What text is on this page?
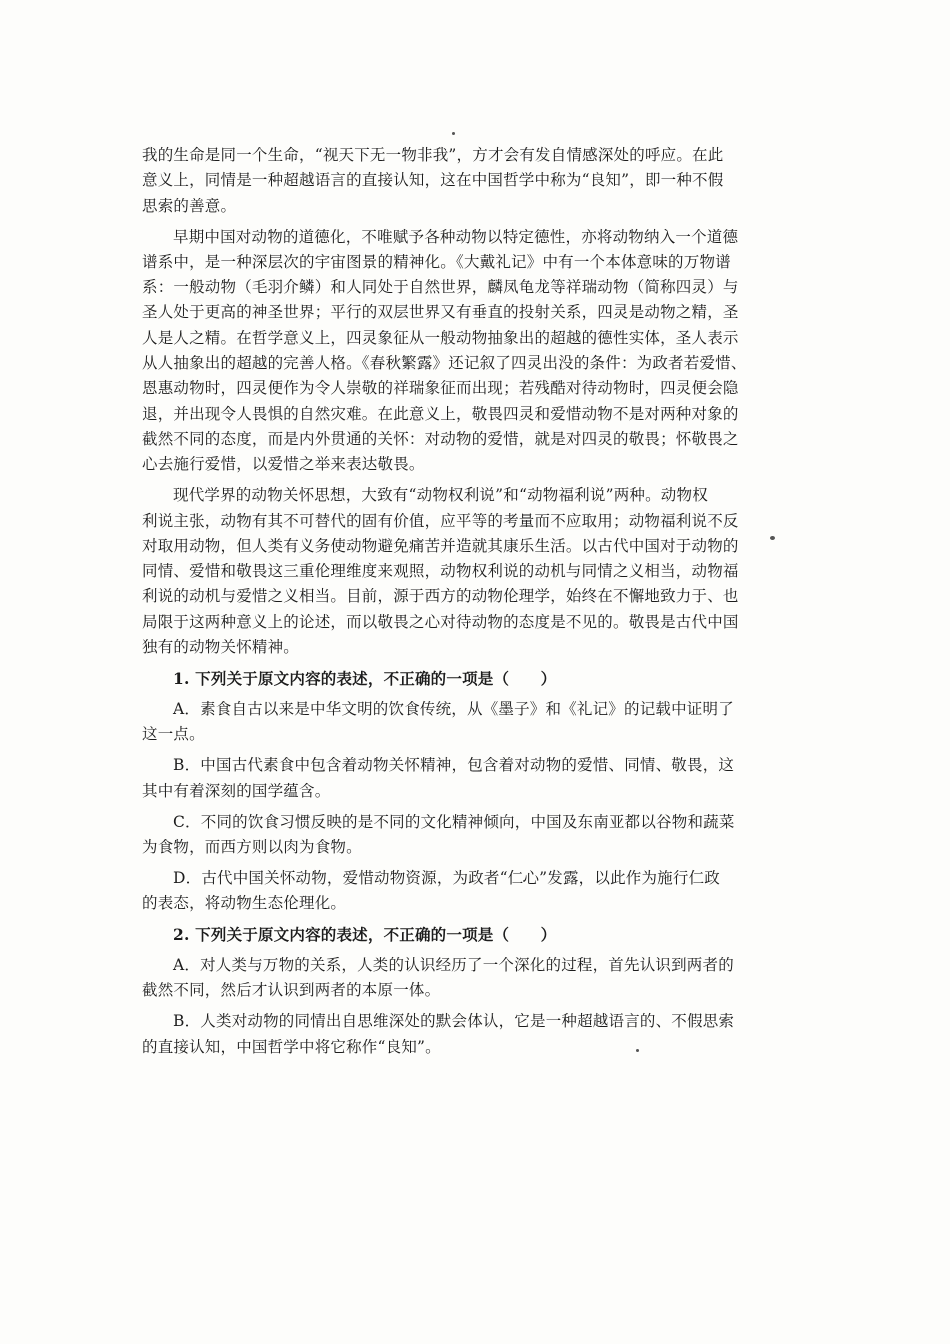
我的生命是同一个生命，“视天下无一物非我”，方才会有发自情感深处的呼应。在此
意义上，同情是一种超越语言的直接认知，这在中国哲学中称为“良知”，即一种不假
思索的善意。
早期中国对动物的道德化，不唯赋予各种动物以特定德性，亦将动物纳入一个道德
谱系中，是一种深层次的宇宙图景的精神化。《大戴礼记》中有一个本体意味的万物谱
系：一般动物（毛羽介鳞）和人同处于自然世界，麟凤龟龙等祥瑞动物（简称四灵）与
圣人处于更高的神圣世界；平行的双层世界又有垂直的投射关系，四灵是动物之精，圣
人是人之精。在哲学意义上，四灵象征从一般动物抽象出的超越的德性实体，圣人表示
从人抽象出的超越的完善人格。《春秋繁露》还记叙了四灵出没的条件：为政者若爱惜、
恩惠动物时，四灵便作为令人崇敬的祥瑞象征而出现；若残酷对待动物时，四灵便会隐
退，并出现令人畏惧的自然灾难。在此意义上，敬畏四灵和爱惜动物不是对两种对象的
截然不同的态度，而是内外贯通的关怀：对动物的爱惜，就是对四灵的敬畏；怀敬畏之
心去施行爱惜，以爱惜之举来表达敬畏。
现代学界的动物关怀思想，大致有“动物权利说”和“动物福利说”两种。动物权
利说主张，动物有其不可替代的固有价值，应平等的考量而不应取用；动物福利说不反
对取用动物，但人类有义务使动物避免痛苦并造就其康乐生活。以古代中国对于动物的
同情、爱惜和敬畏这三重伦理维度来观照，动物权利说的动机与同情之义相当，动物福
利说的动机与爱惜之义相当。目前，源于西方的动物伦理学，始终在不懈地致力于、也
局限于这两种意义上的论述，而以敬畏之心对待动物的态度是不见的。敬畏是古代中国
独有的动物关怀精神。
1. 下列关于原文内容的表述，不正确的一项是（　　）
A．素食自古以来是中华文明的饮食传统，从《墨子》和《礼记》的记载中证明了
这一点。
B．中国古代素食中包含着动物关怀精神，包含着对动物的爱惜、同情、敬畏，这
其中有着深刻的国学蕴含。
C．不同的饮食习惯反映的是不同的文化精神倾向，中国及东南亚都以谷物和蔬菜
为食物，而西方则以肉为食物。
D．古代中国关怀动物，爱惜动物资源，为政者“仁心”发露，以此作为施行仁政
的表态，将动物生态伦理化。
2. 下列关于原文内容的表述，不正确的一项是（　　）
A．对人类与万物的关系，人类的认识经历了一个深化的过程，首先认识到两者的
截然不同，然后才认识到两者的本原一体。
B．人类对动物的同情出自思维深处的默会体认，它是一种超越语言的、不假思索
的直接认知，中国哲学中将它称作“良知”。
